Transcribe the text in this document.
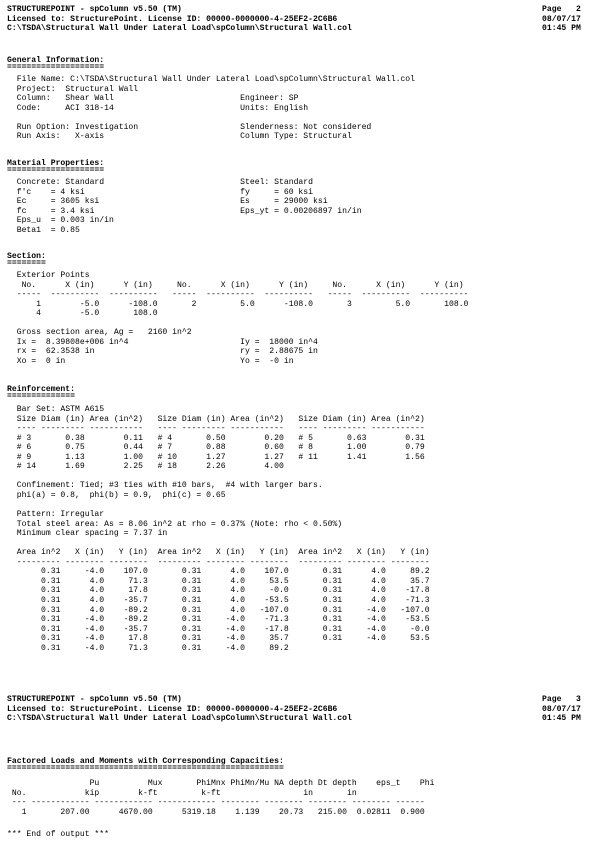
STRUCTUREPOINT - spColumn v5.50 (TM)
Licensed to: StructurePoint. License ID: 00000-0000000-4-25EF2-2C6B6
C:\TSDA\Structural Wall Under Lateral Load\spColumn\Structural Wall.col
Page   2
08/07/17
01:45 PM
General Information:
====================
File Name: C:\TSDA\Structural Wall Under Lateral Load\spColumn\Structural Wall.col
Project:  Structural Wall
Column:   Shear Wall                          Engineer: SP
Code:     ACI 318-14                          Units: English
Run Option: Investigation                     Slenderness: Not considered
Run Axis:   X-axis                            Column Type: Structural
Material Properties:
====================
Concrete: Standard                            Steel: Standard
f'c    = 4 ksi                                fy     = 60 ksi
Ec     = 3605 ksi                             Es     = 29000 ksi
fc     = 3.4 ksi                              Eps_yt = 0.00206897 in/in
Eps_u  = 0.003 in/in
Beta1  = 0.85
Section:
========
Exterior Points
No.      X (in)      Y (in)     No.      X (in)      Y (in)     No.      X (in)      Y (in)
-----  ----------  ----------   -----  ----------  ----------   -----  ----------  ----------
1        -5.0      -108.0       2         5.0      -108.0       3         5.0       108.0
4        -5.0       108.0
Gross section area, Ag =   2160 in^2
Ix =  8.39808e+006 in^4                       Iy =  18000 in^4
rx =  62.3538 in                              ry =  2.88675 in
Xo =  0 in                                    Yo =  -0 in
Reinforcement:
==============
Bar Set: ASTM A615
Size Diam (in) Area (in^2)   Size Diam (in) Area (in^2)   Size Diam (in) Area (in^2)
---- --------- -----------   ---- --------- -----------   ---- --------- -----------
# 3       0.38        0.11   # 4       0.50        0.20   # 5       0.63        0.31
# 6       0.75        0.44   # 7       0.88        0.60   # 8       1.00        0.79
# 9       1.13        1.00   # 10      1.27        1.27   # 11      1.41        1.56
# 14      1.69        2.25   # 18      2.26        4.00
Confinement: Tied; #3 ties with #10 bars,  #4 with larger bars.
phi(a) = 0.8,  phi(b) = 0.9,  phi(c) = 0.65
Pattern: Irregular
Total steel area: As = 8.06 in^2 at rho = 0.37% (Note: rho < 0.50%)
Minimum clear spacing = 7.37 in
Area in^2   X (in)   Y (in)  Area in^2   X (in)   Y (in)  Area in^2   X (in)   Y (in)
--------- -------- --------  --------- -------- --------  --------- -------- --------
0.31     -4.0    107.0       0.31      4.0    107.0       0.31      4.0     89.2
0.31      4.0     71.3       0.31      4.0     53.5       0.31      4.0     35.7
0.31      4.0     17.8       0.31      4.0     -0.0       0.31      4.0    -17.8
0.31      4.0    -35.7       0.31      4.0    -53.5       0.31      4.0    -71.3
0.31      4.0    -89.2       0.31      4.0   -107.0       0.31     -4.0   -107.0
0.31     -4.0    -89.2       0.31     -4.0    -71.3       0.31     -4.0    -53.5
0.31     -4.0    -35.7       0.31     -4.0    -17.8       0.31     -4.0     -0.0
0.31     -4.0     17.8       0.31     -4.0     35.7       0.31     -4.0     53.5
0.31     -4.0     71.3       0.31     -4.0     89.2
STRUCTUREPOINT - spColumn v5.50 (TM)
Licensed to: StructurePoint. License ID: 00000-0000000-4-25EF2-2C6B6
C:\TSDA\Structural Wall Under Lateral Load\spColumn\Structural Wall.col
Page   3
08/07/17
01:45 PM
Factored Loads and Moments with Corresponding Capacities:
=========================================================
Pu          Mux       PhiMnx PhiMn/Mu NA depth Dt depth    eps_t    Phi
No.            kip        k-ft         k-ft                 in       in
--- ------------ ------------ ------------ -------- -------- -------- -------- ------
1       207.00      4670.00      5319.18    1.139    20.73   215.00  0.02811  0.900
*** End of output ***
